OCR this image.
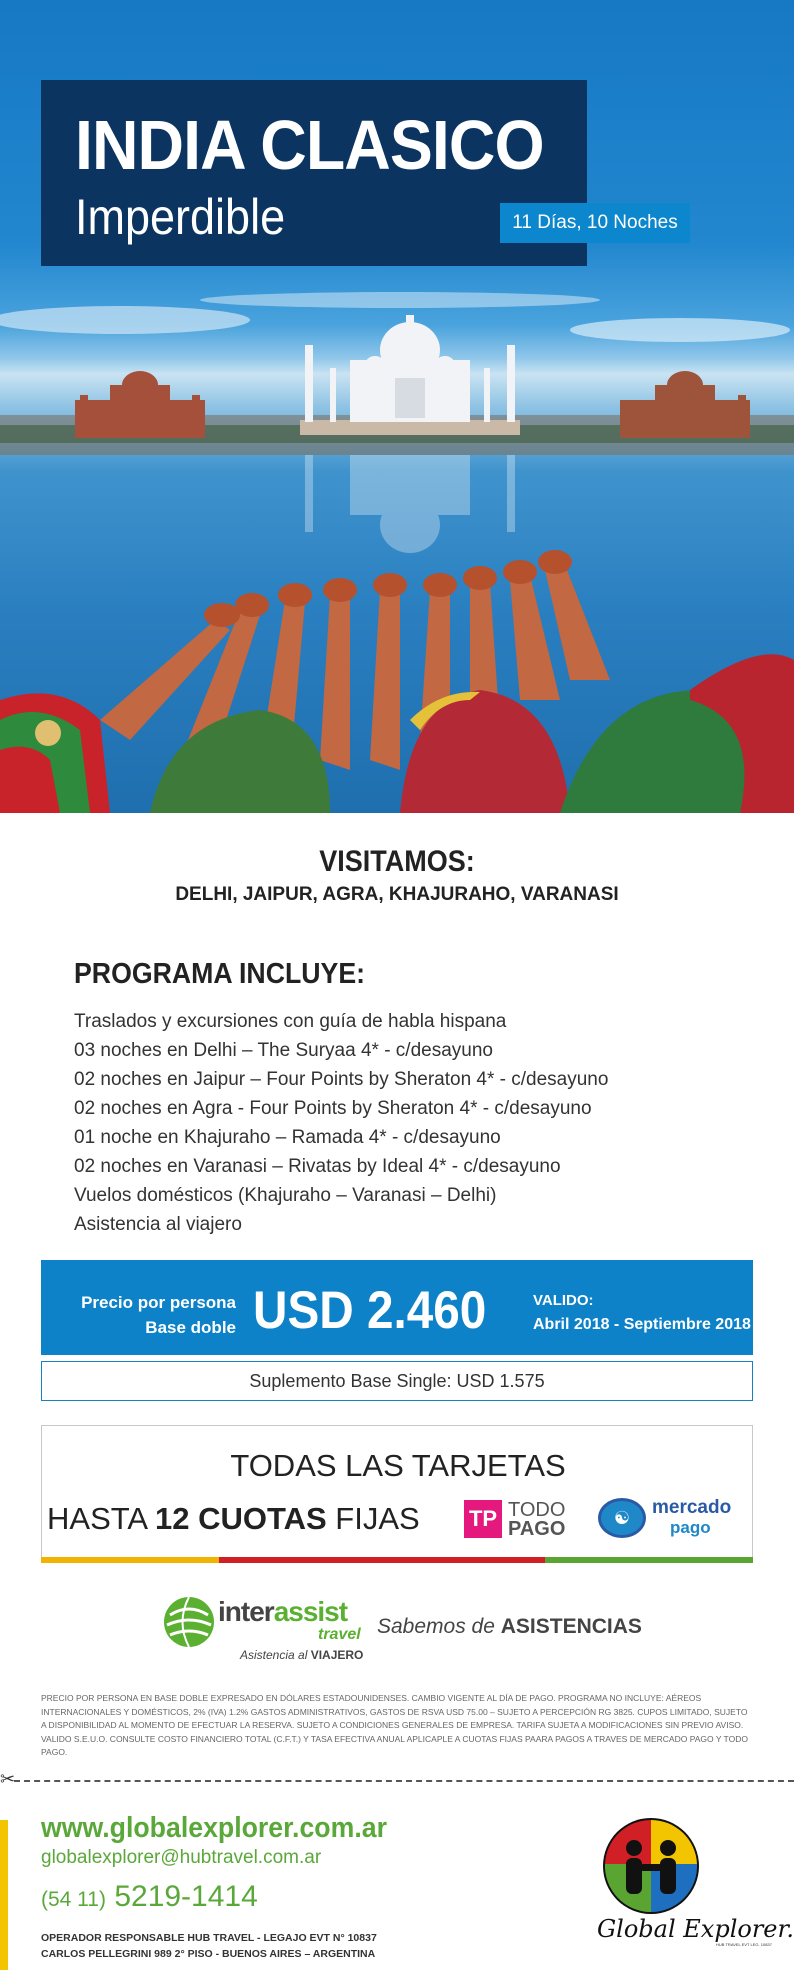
INDIA CLASICO
Imperdible	11 Días, 10 Noches
VISITAMOS:
DELHI, JAIPUR, AGRA, KHAJURAHO, VARANASI
PROGRAMA INCLUYE:
Traslados y excursiones con guía de habla hispana
03 noches en Delhi – The Suryaa 4* - c/desayuno
02 noches en Jaipur – Four Points by Sheraton 4* - c/desayuno
02 noches en Agra - Four Points by Sheraton 4* - c/desayuno
01 noche en Khajuraho – Ramada 4* - c/desayuno
02 noches en Varanasi – Rivatas by Ideal 4* - c/desayuno
Vuelos domésticos (Khajuraho – Varanasi – Delhi)
Asistencia al viajero
Precio por persona
Base doble USD 2.460	VALIDO:
Abril 2018 - Septiembre 2018
Suplemento Base Single: USD 1.575
TODAS LAS TARJETAS
HASTA 12 CUOTAS FIJAS TP TODO
PAGO
☯	mercado
pago
interassist
travel
Asistencia al VIAJERO
Sabemos de ASISTENCIAS
PRECIO POR PERSONA EN BASE DOBLE EXPRESADO EN DÓLARES ESTADOUNIDENSES. CAMBIO VIGENTE AL DÍA DE PAGO. PROGRAMA NO INCLUYE: AÉREOS INTERNACIONALES Y DOMÉSTICOS, 2% (IVA) 1.2% GASTOS ADMINISTRATIVOS, GASTOS DE RSVA USD 75.00 – SUJETO A PERCEPCIÓN RG 3825. CUPOS LIMITADO, SUJETO A DISPONIBILIDAD AL MOMENTO DE EFECTUAR LA RESERVA. SUJETO A CONDICIONES GENERALES DE EMPRESA. TARIFA SUJETA A MODIFICACIONES SIN PREVIO AVISO. VALIDO S.E.U.O. CONSULTE COSTO FINANCIERO TOTAL (C.F.T.) Y TASA EFECTIVA ANUAL APLICAPLE A CUOTAS FIJAS PAARA PAGOS A TRAVES DE MERCADO PAGO Y TODO PAGO.
✂
www.globalexplorer.com.ar
globalexplorer@hubtravel.com.ar
(54 11) 5219-1414
OPERADOR RESPONSABLE HUB TRAVEL - LEGAJO EVT N° 10837
CARLOS PELLEGRINI 989 2° PISO - BUENOS AIRES – ARGENTINA
Global Explorer.
HUB TRAVEL EVT LEG. 10837
